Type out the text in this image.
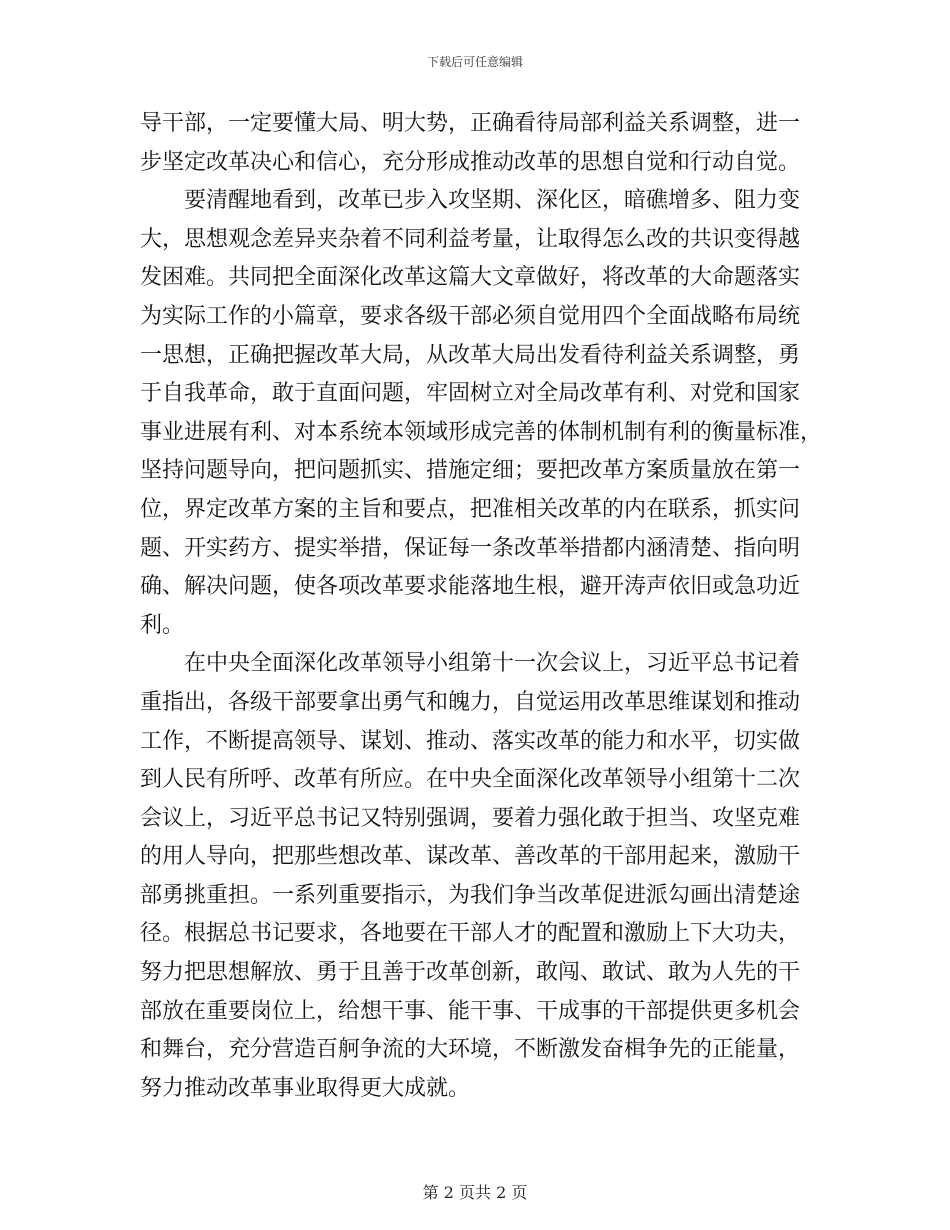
下载后可任意编辑
导干部，一定要懂大局、明大势，正确看待局部利益关系调整，进一
步坚定改革决心和信心，充分形成推动改革的思想自觉和行动自觉。
　　要清醒地看到，改革已步入攻坚期、深化区，暗礁增多、阻力变
大，思想观念差异夹杂着不同利益考量，让取得怎么改的共识变得越
发困难。共同把全面深化改革这篇大文章做好，将改革的大命题落实
为实际工作的小篇章，要求各级干部必须自觉用四个全面战略布局统
一思想，正确把握改革大局，从改革大局出发看待利益关系调整，勇
于自我革命，敢于直面问题，牢固树立对全局改革有利、对党和国家
事业进展有利、对本系统本领域形成完善的体制机制有利的衡量标准，
坚持问题导向，把问题抓实、措施定细；要把改革方案质量放在第一
位，界定改革方案的主旨和要点，把准相关改革的内在联系，抓实问
题、开实药方、提实举措，保证每一条改革举措都内涵清楚、指向明
确、解决问题，使各项改革要求能落地生根，避开涛声依旧或急功近
利。
　　在中央全面深化改革领导小组第十一次会议上，习近平总书记着
重指出，各级干部要拿出勇气和魄力，自觉运用改革思维谋划和推动
工作，不断提高领导、谋划、推动、落实改革的能力和水平，切实做
到人民有所呼、改革有所应。在中央全面深化改革领导小组第十二次
会议上，习近平总书记又特别强调，要着力强化敢于担当、攻坚克难
的用人导向，把那些想改革、谋改革、善改革的干部用起来，激励干
部勇挑重担。一系列重要指示，为我们争当改革促进派勾画出清楚途
径。根据总书记要求，各地要在干部人才的配置和激励上下大功夫，
努力把思想解放、勇于且善于改革创新，敢闯、敢试、敢为人先的干
部放在重要岗位上，给想干事、能干事、干成事的干部提供更多机会
和舞台，充分营造百舸争流的大环境，不断激发奋楫争先的正能量，
努力推动改革事业取得更大成就。
第 2 页共 2 页
